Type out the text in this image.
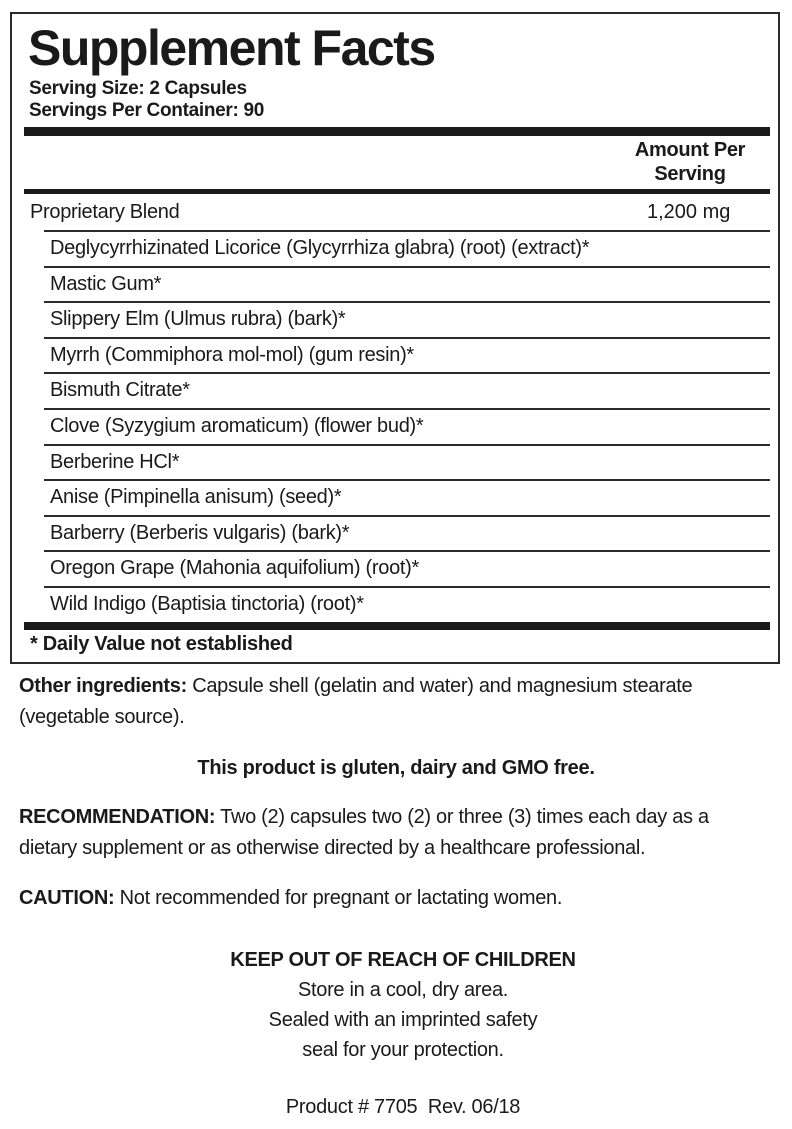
Supplement Facts
Serving Size: 2 Capsules
Servings Per Container: 90
Amount Per
Serving
Proprietary Blend	1,200 mg
Deglycyrrhizinated Licorice (Glycyrrhiza glabra) (root) (extract)*
Mastic Gum*
Slippery Elm (Ulmus rubra) (bark)*
Myrrh (Commiphora mol-mol) (gum resin)*
Bismuth Citrate*
Clove (Syzygium aromaticum) (flower bud)*
Berberine HCl*
Anise (Pimpinella anisum) (seed)*
Barberry (Berberis vulgaris) (bark)*
Oregon Grape (Mahonia aquifolium) (root)*
Wild Indigo (Baptisia tinctoria) (root)*
* Daily Value not established
Other ingredients: Capsule shell (gelatin and water) and magnesium stearate (vegetable source).
This product is gluten, dairy and GMO free.
RECOMMENDATION: Two (2) capsules two (2) or three (3) times each day as a dietary supplement or as otherwise directed by a healthcare professional.
CAUTION: Not recommended for pregnant or lactating women.
KEEP OUT OF REACH OF CHILDREN
Store in a cool, dry area.
Sealed with an imprinted safety
seal for your protection.
Product # 7705  Rev. 06/18
